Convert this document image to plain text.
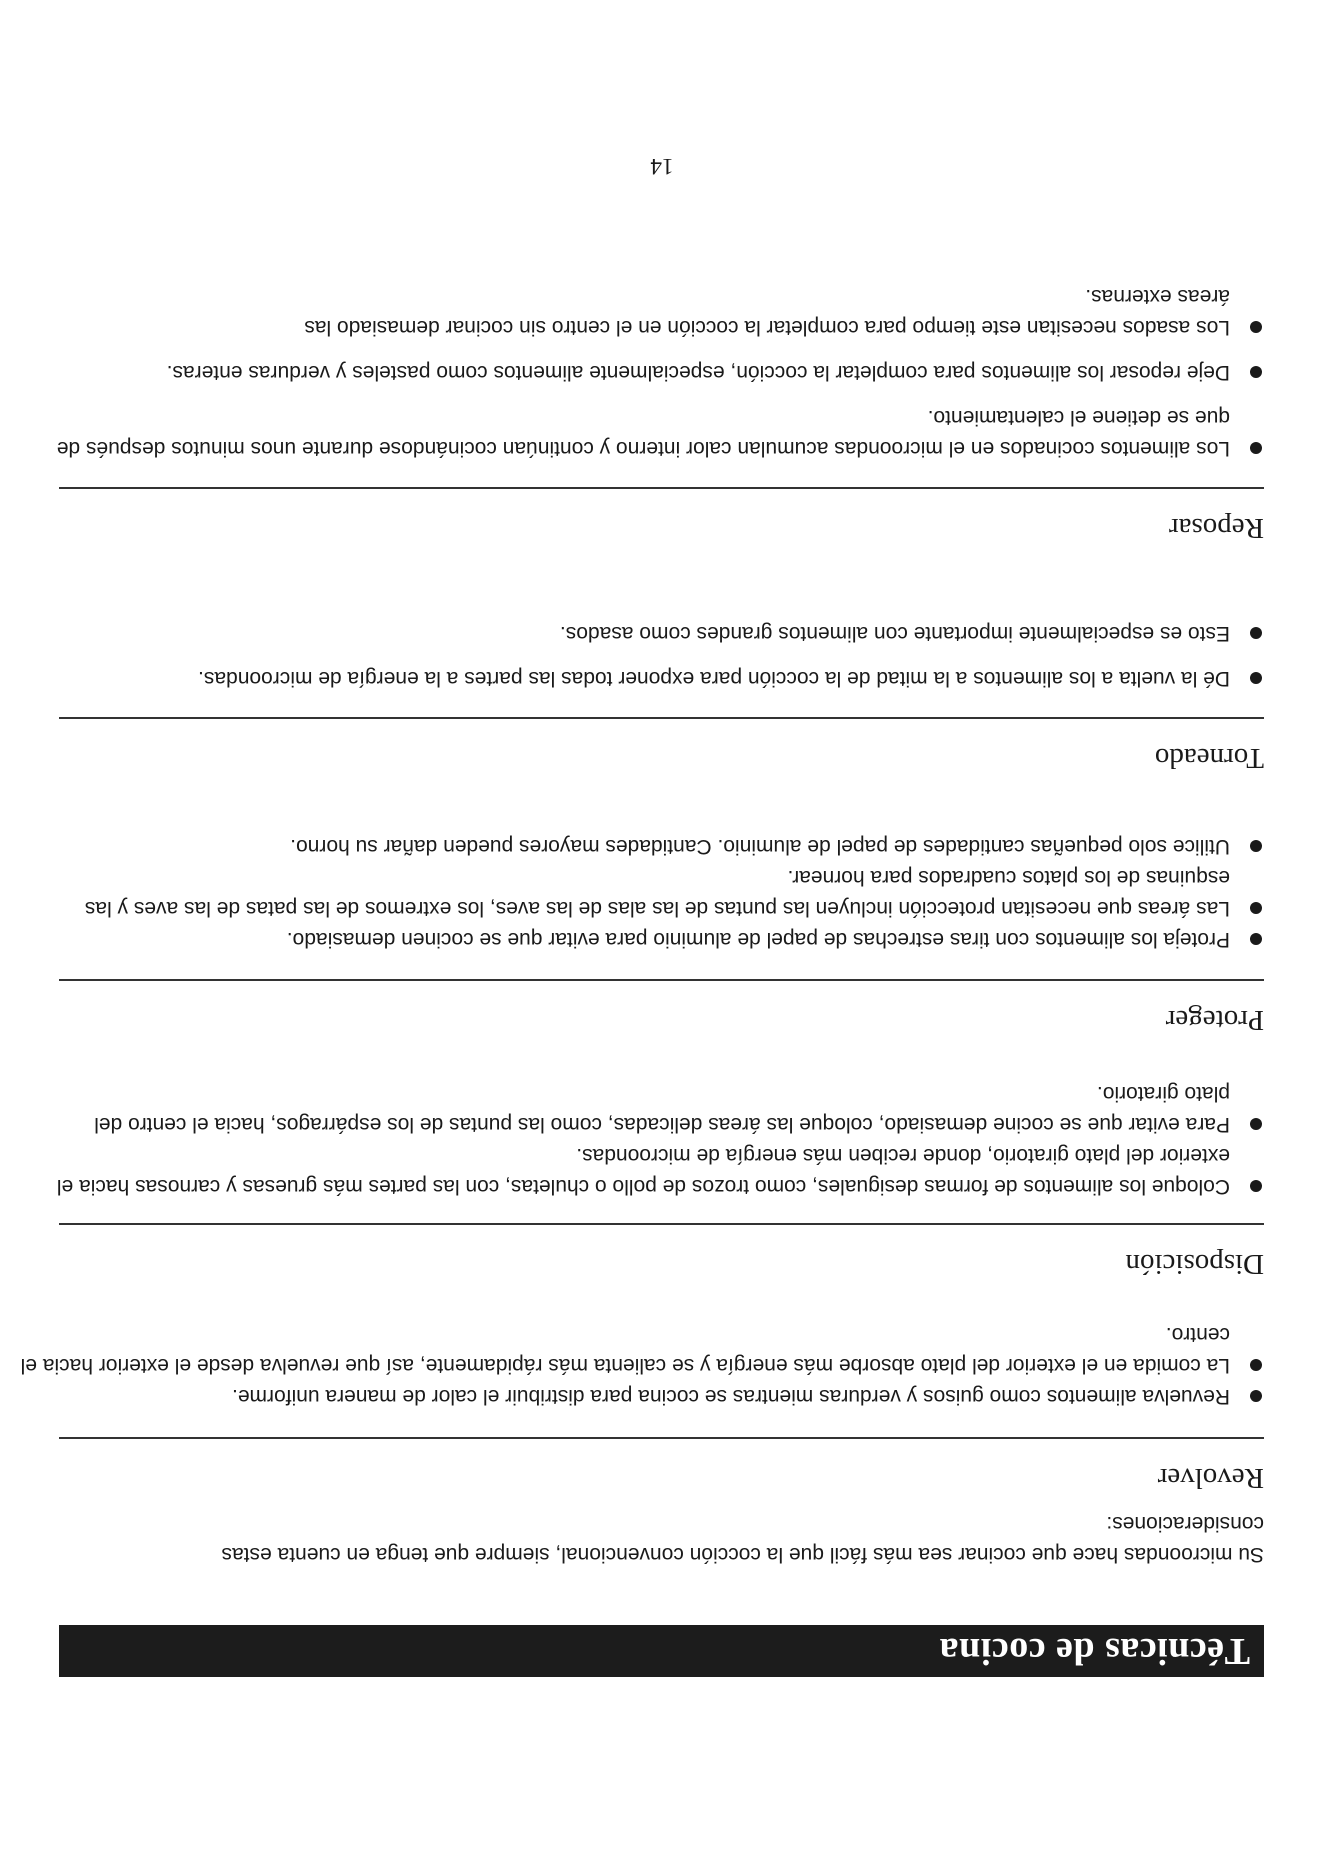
Técnicas de cocina

Su microondas hace que cocinar sea más fácil que la cocción convencional, siempre que tenga en cuenta estas consideraciones:

Revolver
Revuelva alimentos como guisos y verduras mientras se cocina para distribuir el calor de manera uniforme.
La comida en el exterior del plato absorbe más energía y se calienta más rápidamente, así que revuelva desde el exterior hacia el centro.
Disposición
Coloque los alimentos de formas desiguales, como trozos de pollo o chuletas, con las partes más gruesas y carnosas hacia el exterior del plato giratorio, donde reciben más energía de microondas.
Para evitar que se cocine demasiado, coloque las áreas delicadas, como las puntas de los espárragos, hacia el centro del plato giratorio.
Proteger
Proteja los alimentos con tiras estrechas de papel de aluminio para evitar que se cocinen demasiado.
Las áreas que necesitan protección incluyen las puntas de las alas de las aves, los extremos de las patas de las aves y las esquinas de los platos cuadrados para hornear.
Utilice solo pequeñas cantidades de papel de aluminio. Cantidades mayores pueden dañar su horno.
Torneado
Dé la vuelta a los alimentos a la mitad de la cocción para exponer todas las partes a la energía de microondas.
Esto es especialmente importante con alimentos grandes como asados.
Reposar
Los alimentos cocinados en el microondas acumulan calor interno y continúan cocinándose durante unos minutos después de que se detiene el calentamiento.
Deje reposar los alimentos para completar la cocción, especialmente alimentos como pasteles y verduras enteras.
Los asados necesitan este tiempo para completar la cocción en el centro sin cocinar demasiado las áreas externas.
14
